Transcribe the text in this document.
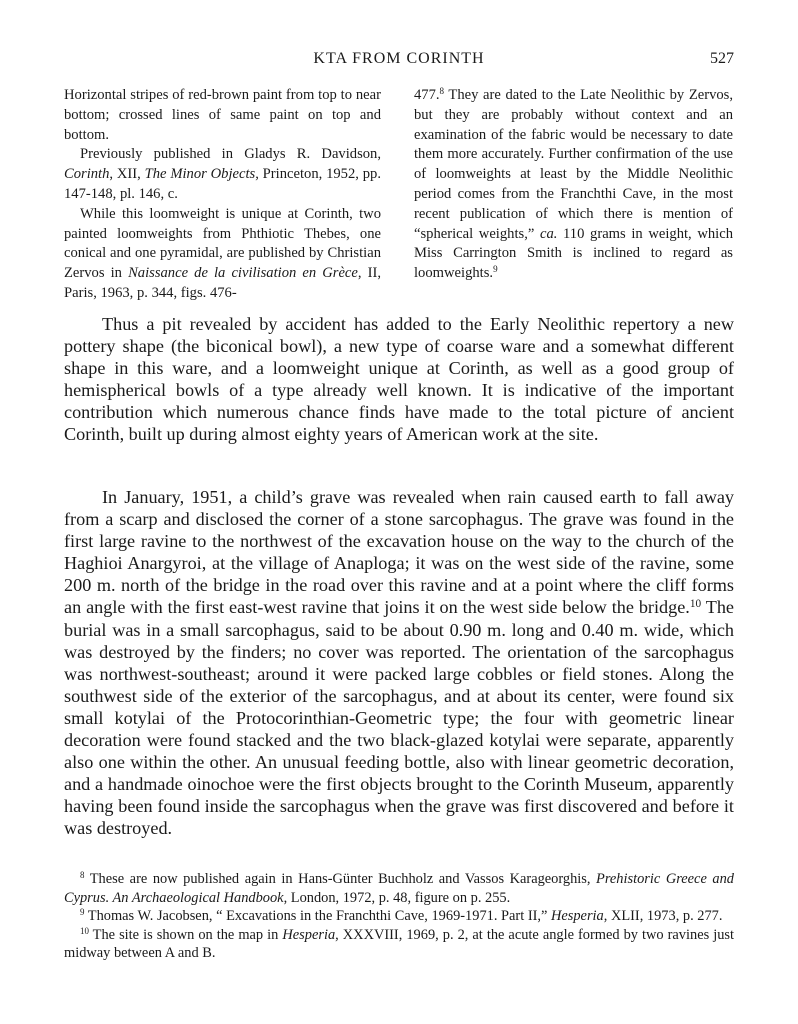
KTA FROM CORINTH	527

Horizontal stripes of red-brown paint from top to near bottom; crossed lines of same paint on top and bottom.

Previously published in Gladys R. Davidson, Corinth, XII, The Minor Objects, Princeton, 1952, pp. 147-148, pl. 146, c.

While this loomweight is unique at Corinth, two painted loomweights from Phthiotic Thebes, one conical and one pyramidal, are published by Christian Zervos in Naissance de la civilisation en Grèce, II, Paris, 1963, p. 344, figs. 476-

477.$^8$ They are dated to the Late Neolithic by Zervos, but they are probably without context and an examination of the fabric would be necessary to date them more accurately. Further confirmation of the use of loomweights at least by the Middle Neolithic period comes from the Franchthi Cave, in the most recent publication of which there is mention of “spherical weights,” ca. 110 grams in weight, which Miss Carrington Smith is inclined to regard as loomweights.$^9$

Thus a pit revealed by accident has added to the Early Neolithic repertory a new pottery shape (the biconical bowl), a new type of coarse ware and a somewhat different shape in this ware, and a loomweight unique at Corinth, as well as a good group of hemispherical bowls of a type already well known. It is indicative of the important contribution which numerous chance finds have made to the total picture of ancient Corinth, built up during almost eighty years of American work at the site.

In January, 1951, a child’s grave was revealed when rain caused earth to fall away from a scarp and disclosed the corner of a stone sarcophagus. The grave was found in the first large ravine to the northwest of the excavation house on the way to the church of the Haghioi Anargyroi, at the village of Anaploga; it was on the west side of the ravine, some 200 m. north of the bridge in the road over this ravine and at a point where the cliff forms an angle with the first east-west ravine that joins it on the west side below the bridge.$^{10}$ The burial was in a small sarcophagus, said to be about 0.90 m. long and 0.40 m. wide, which was destroyed by the finders; no cover was reported. The orientation of the sarcophagus was northwest-southeast; around it were packed large cobbles or field stones. Along the southwest side of the exterior of the sarcophagus, and at about its center, were found six small kotylai of the Protocorinthian-Geometric type; the four with geometric linear decoration were found stacked and the two black-glazed kotylai were separate, apparently also one within the other. An unusual feeding bottle, also with linear geometric decoration, and a handmade oinochoe were the first objects brought to the Corinth Museum, apparently having been found inside the sarcophagus when the grave was first discovered and before it was destroyed.

$^8$ These are now published again in Hans-Günter Buchholz and Vassos Karageorghis, Prehistoric Greece and Cyprus. An Archaeological Handbook, London, 1972, p. 48, figure on p. 255.

$^9$ Thomas W. Jacobsen, “ Excavations in the Franchthi Cave, 1969-1971. Part II,” Hesperia, XLII, 1973, p. 277.

$^{10}$ The site is shown on the map in Hesperia, XXXVIII, 1969, p. 2, at the acute angle formed by two ravines just midway between A and B.
